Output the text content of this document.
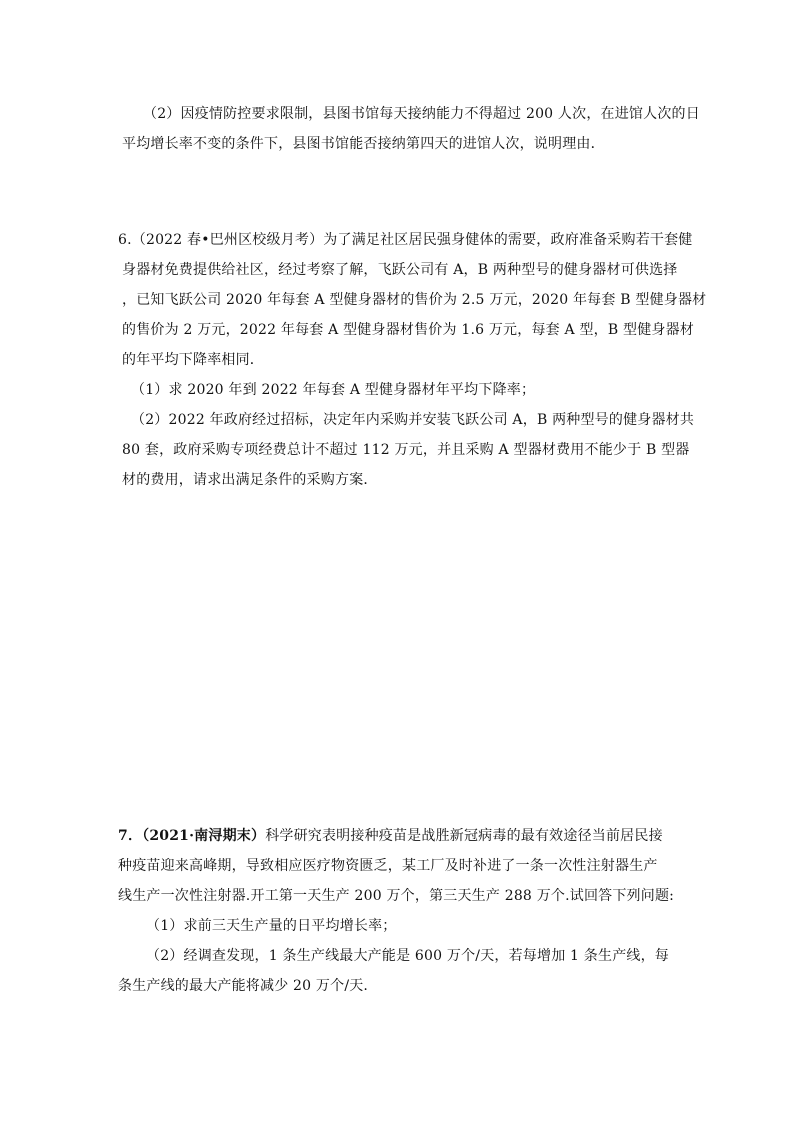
（2）因疫情防控要求限制，县图书馆每天接纳能力不得超过 200 人次，在进馆人次的日
平均增长率不变的条件下，县图书馆能否接纳第四天的进馆人次，说明理由．
6.（2022 春•巴州区校级月考）为了满足社区居民强身健体的需要，政府准备采购若干套健
身器材免费提供给社区，经过考察了解，飞跃公司有 A，B 两种型号的健身器材可供选择
，已知飞跃公司 2020 年每套 A 型健身器材的售价为 2.5 万元，2020 年每套 B 型健身器材
的售价为 2 万元，2022 年每套 A 型健身器材售价为 1.6 万元，每套 A 型，B 型健身器材
的年平均下降率相同．
（1）求 2020 年到 2022 年每套 A 型健身器材年平均下降率；
（2）2022 年政府经过招标，决定年内采购并安装飞跃公司 A，B 两种型号的健身器材共
80 套，政府采购专项经费总计不超过 112 万元，并且采购 A 型器材费用不能少于 B 型器
材的费用，请求出满足条件的采购方案．
7．（2021·南浔期末）科学研究表明接种疫苗是战胜新冠病毒的最有效途径当前居民接
种疫苗迎来高峰期，导致相应医疗物资匮乏，某工厂及时补进了一条一次性注射器生产
线生产一次性注射器.开工第一天生产 200 万个，第三天生产 288 万个.试回答下列问题:
（1）求前三天生产量的日平均增长率；
（2）经调查发现，1 条生产线最大产能是 600 万个/天，若每增加 1 条生产线，每
条生产线的最大产能将减少 20 万个/天.
